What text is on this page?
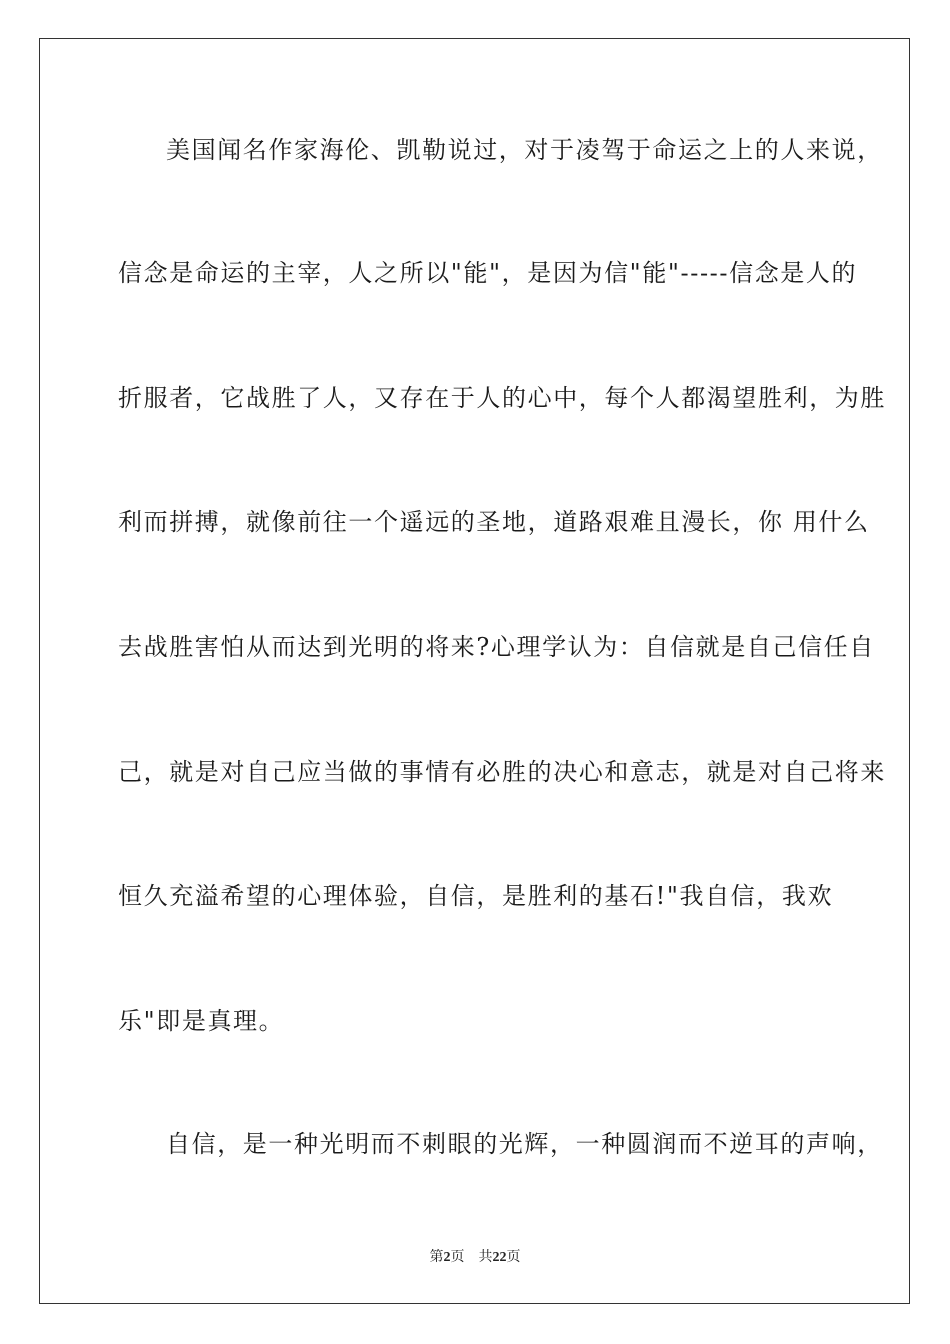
美国闻名作家海伦、凯勒说过，对于凌驾于命运之上的人来说，

信念是命运的主宰，人之所以"能"，是因为信"能"-----信念是人的

折服者，它战胜了人，又存在于人的心中，每个人都渴望胜利，为胜

利而拼搏，就像前往一个遥远的圣地，道路艰难且漫长，你 用什么

去战胜害怕从而达到光明的将来?心理学认为：自信就是自己信任自

己，就是对自己应当做的事情有必胜的决心和意志，就是对自己将来

恒久充溢希望的心理体验，自信，是胜利的基石!"我自信，我欢

乐"即是真理。

自信，是一种光明而不刺眼的光辉，一种圆润而不逆耳的声响，

第2页 共22页
